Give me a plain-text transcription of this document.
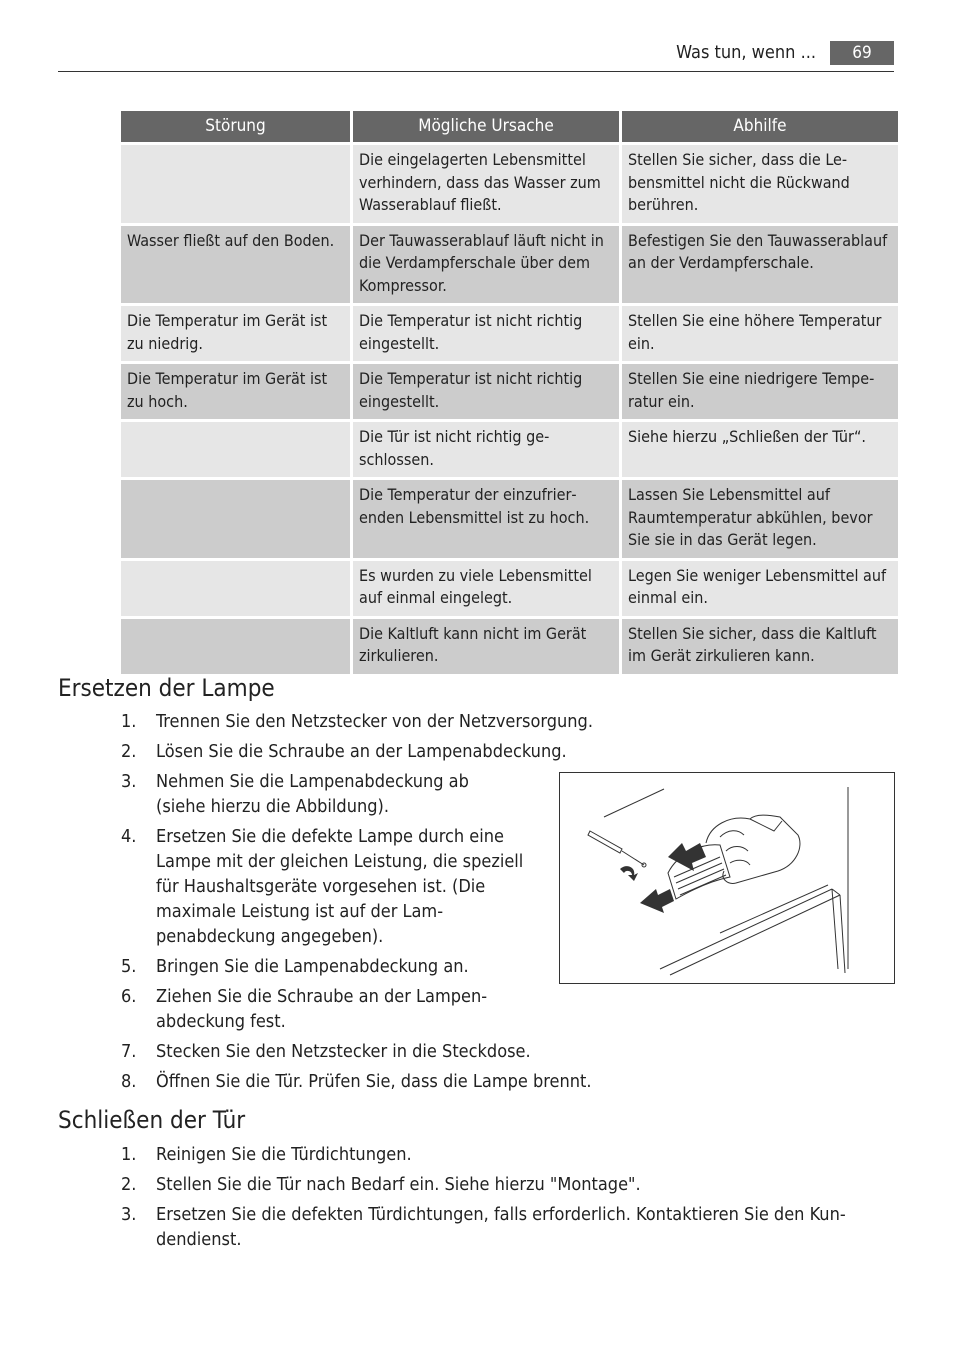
Was tun, wenn ...	69
Störung	Mögliche Ursache	Abhilfe
	Die eingelagerten Lebensmittel verhindern, dass das Wasser zum Wasserablauf fließt.	Stellen Sie sicher, dass die Lebensmittel nicht die Rückwand berühren.
Wasser fließt auf den Boden.	Der Tauwasserablauf läuft nicht in die Verdampferschale über dem Kompressor.	Befestigen Sie den Tauwasserablauf an der Verdampferschale.
Die Temperatur im Gerät ist zu niedrig.	Die Temperatur ist nicht richtig eingestellt.	Stellen Sie eine höhere Temperatur ein.
Die Temperatur im Gerät ist zu hoch.	Die Temperatur ist nicht richtig eingestellt.	Stellen Sie eine niedrigere Temperatur ein.
	Die Tür ist nicht richtig geschlossen.	Siehe hierzu „Schließen der Tür“.
	Die Temperatur der einzufrierenden Lebensmittel ist zu hoch.	Lassen Sie Lebensmittel auf Raumtemperatur abkühlen, bevor Sie sie in das Gerät legen.
	Es wurden zu viele Lebensmittel auf einmal eingelegt.	Legen Sie weniger Lebensmittel auf einmal ein.
	Die Kaltluft kann nicht im Gerät zirkulieren.	Stellen Sie sicher, dass die Kaltluft im Gerät zirkulieren kann.
Ersetzen der Lampe
1. Trennen Sie den Netzstecker von der Netzversorgung.
2. Lösen Sie die Schraube an der Lampenabdeckung.
3. Nehmen Sie die Lampenabdeckung ab (siehe hierzu die Abbildung).
4. Ersetzen Sie die defekte Lampe durch eine Lampe mit der gleichen Leistung, die speziell für Haushaltsgeräte vorgesehen ist. (Die maximale Leistung ist auf der Lampenabdeckung angegeben).
5. Bringen Sie die Lampenabdeckung an.
6. Ziehen Sie die Schraube an der Lampenabdeckung fest.
7. Stecken Sie den Netzstecker in die Steckdose.
8. Öffnen Sie die Tür. Prüfen Sie, dass die Lampe brennt.
Schließen der Tür
1. Reinigen Sie die Türdichtungen.
2. Stellen Sie die Tür nach Bedarf ein. Siehe hierzu "Montage".
3. Ersetzen Sie die defekten Türdichtungen, falls erforderlich. Kontaktieren Sie den Kundendienst.
